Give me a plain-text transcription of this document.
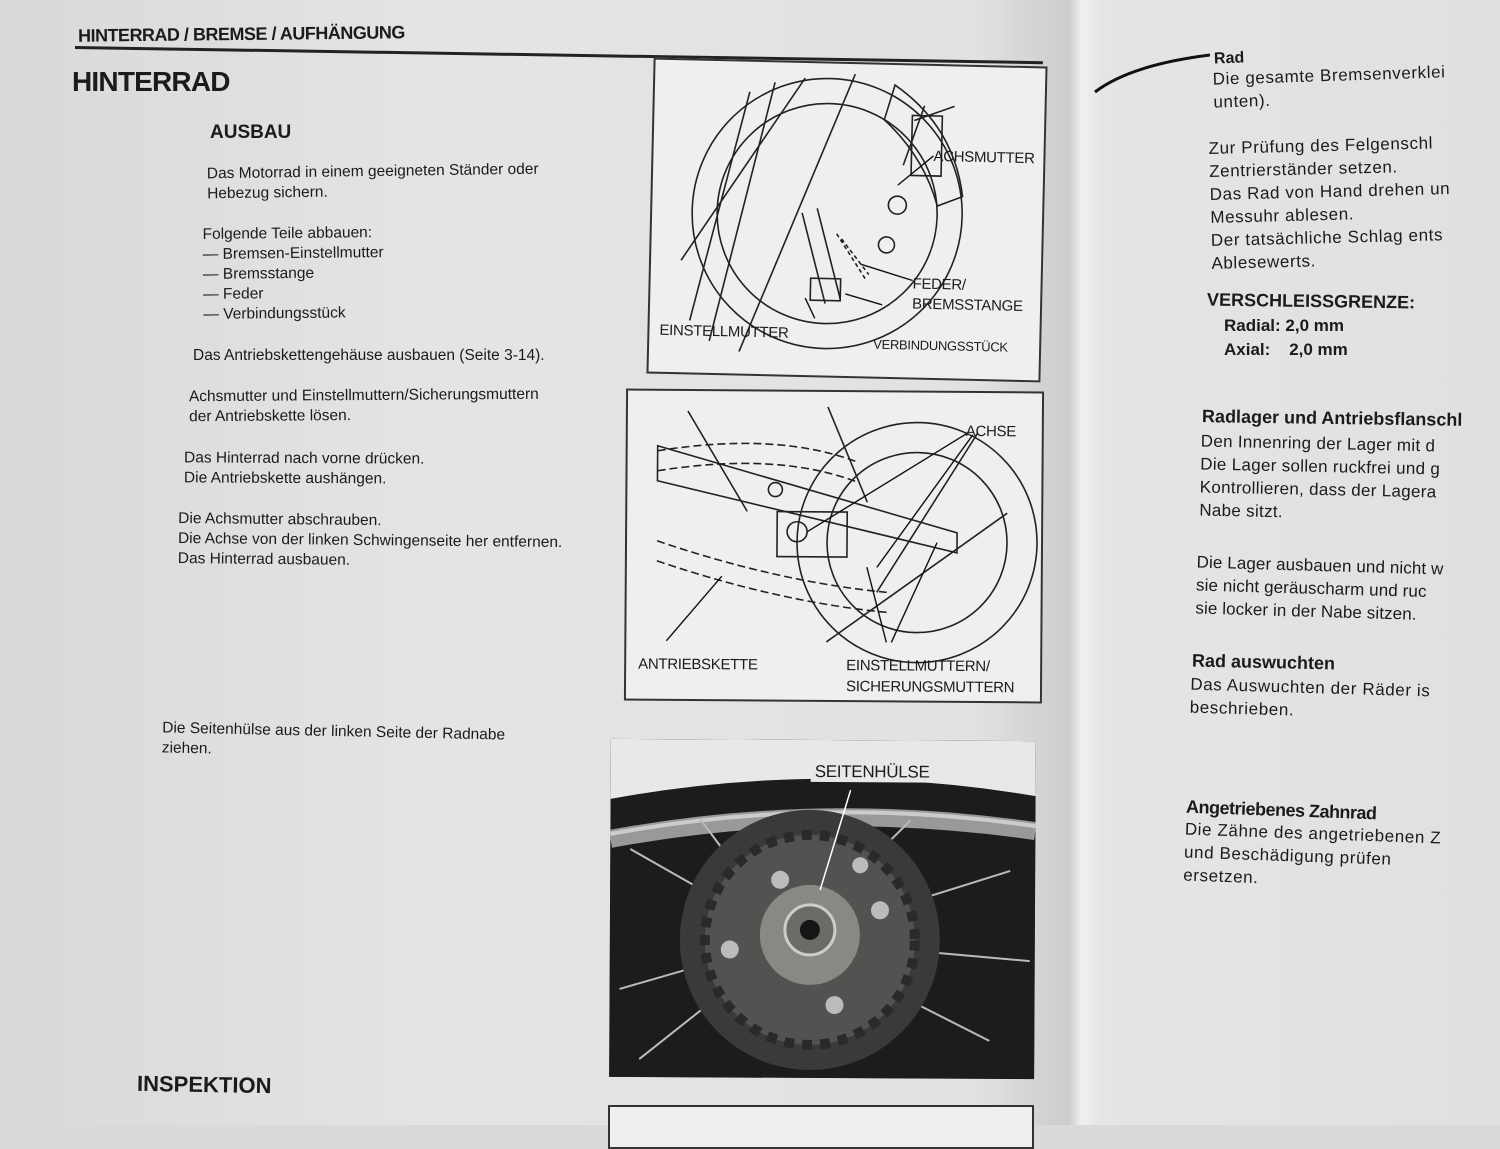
HINTERRAD / BREMSE / AUFHÄNGUNG

HINTERRAD

AUSBAU

Das Motorrad in einem geeigneten Ständer oder
Hebezug sichern.
Folgende Teile abbauen:
— Bremsen-Einstellmutter
— Bremsstange
— Feder
— Verbindungsstück
Das Antriebskettengehäuse ausbauen (Seite 3-14).
Achsmutter und Einstellmuttern/Sicherungsmuttern
der Antriebskette lösen.
Das Hinterrad nach vorne drücken.
Die Antriebskette aushängen.
Die Achsmutter abschrauben.
Die Achse von der linken Schwingenseite her entfernen.
Das Hinterrad ausbauen.
Die Seitenhülse aus der linken Seite der Radnabe
ziehen.

INSPEKTION

ACHSMUTTER
FEDER/
BREMSSTANGE
EINSTELLMUTTER
VERBINDUNGSSTÜCK
ACHSE
ANTRIEBSKETTE	EINSTELLMUTTERN/
SICHERUNGSMUTTERN
SEITENHÜLSE

Rad

Die gesamte Bremsenverklei
unten).
Zur Prüfung des Felgenschl
Zentrierständer setzen.
Das Rad von Hand drehen un
Messuhr ablesen.
Der tatsächliche Schlag ents
Ablesewerts.

VERSCHLEISSGRENZE:

Radial: 2,0 mm
Axial: 2,0 mm

Radlager und Antriebsflanschl

Den Innenring der Lager mit d
Die Lager sollen ruckfrei und g
Kontrollieren, dass der Lagera
Nabe sitzt.
Die Lager ausbauen und nicht w
sie nicht geräuscharm und ruc
sie locker in der Nabe sitzen.

Rad auswuchten

Das Auswuchten der Räder is
beschrieben.

Angetriebenes Zahnrad

Die Zähne des angetriebenen Z
und Beschädigung prüfen
ersetzen.
